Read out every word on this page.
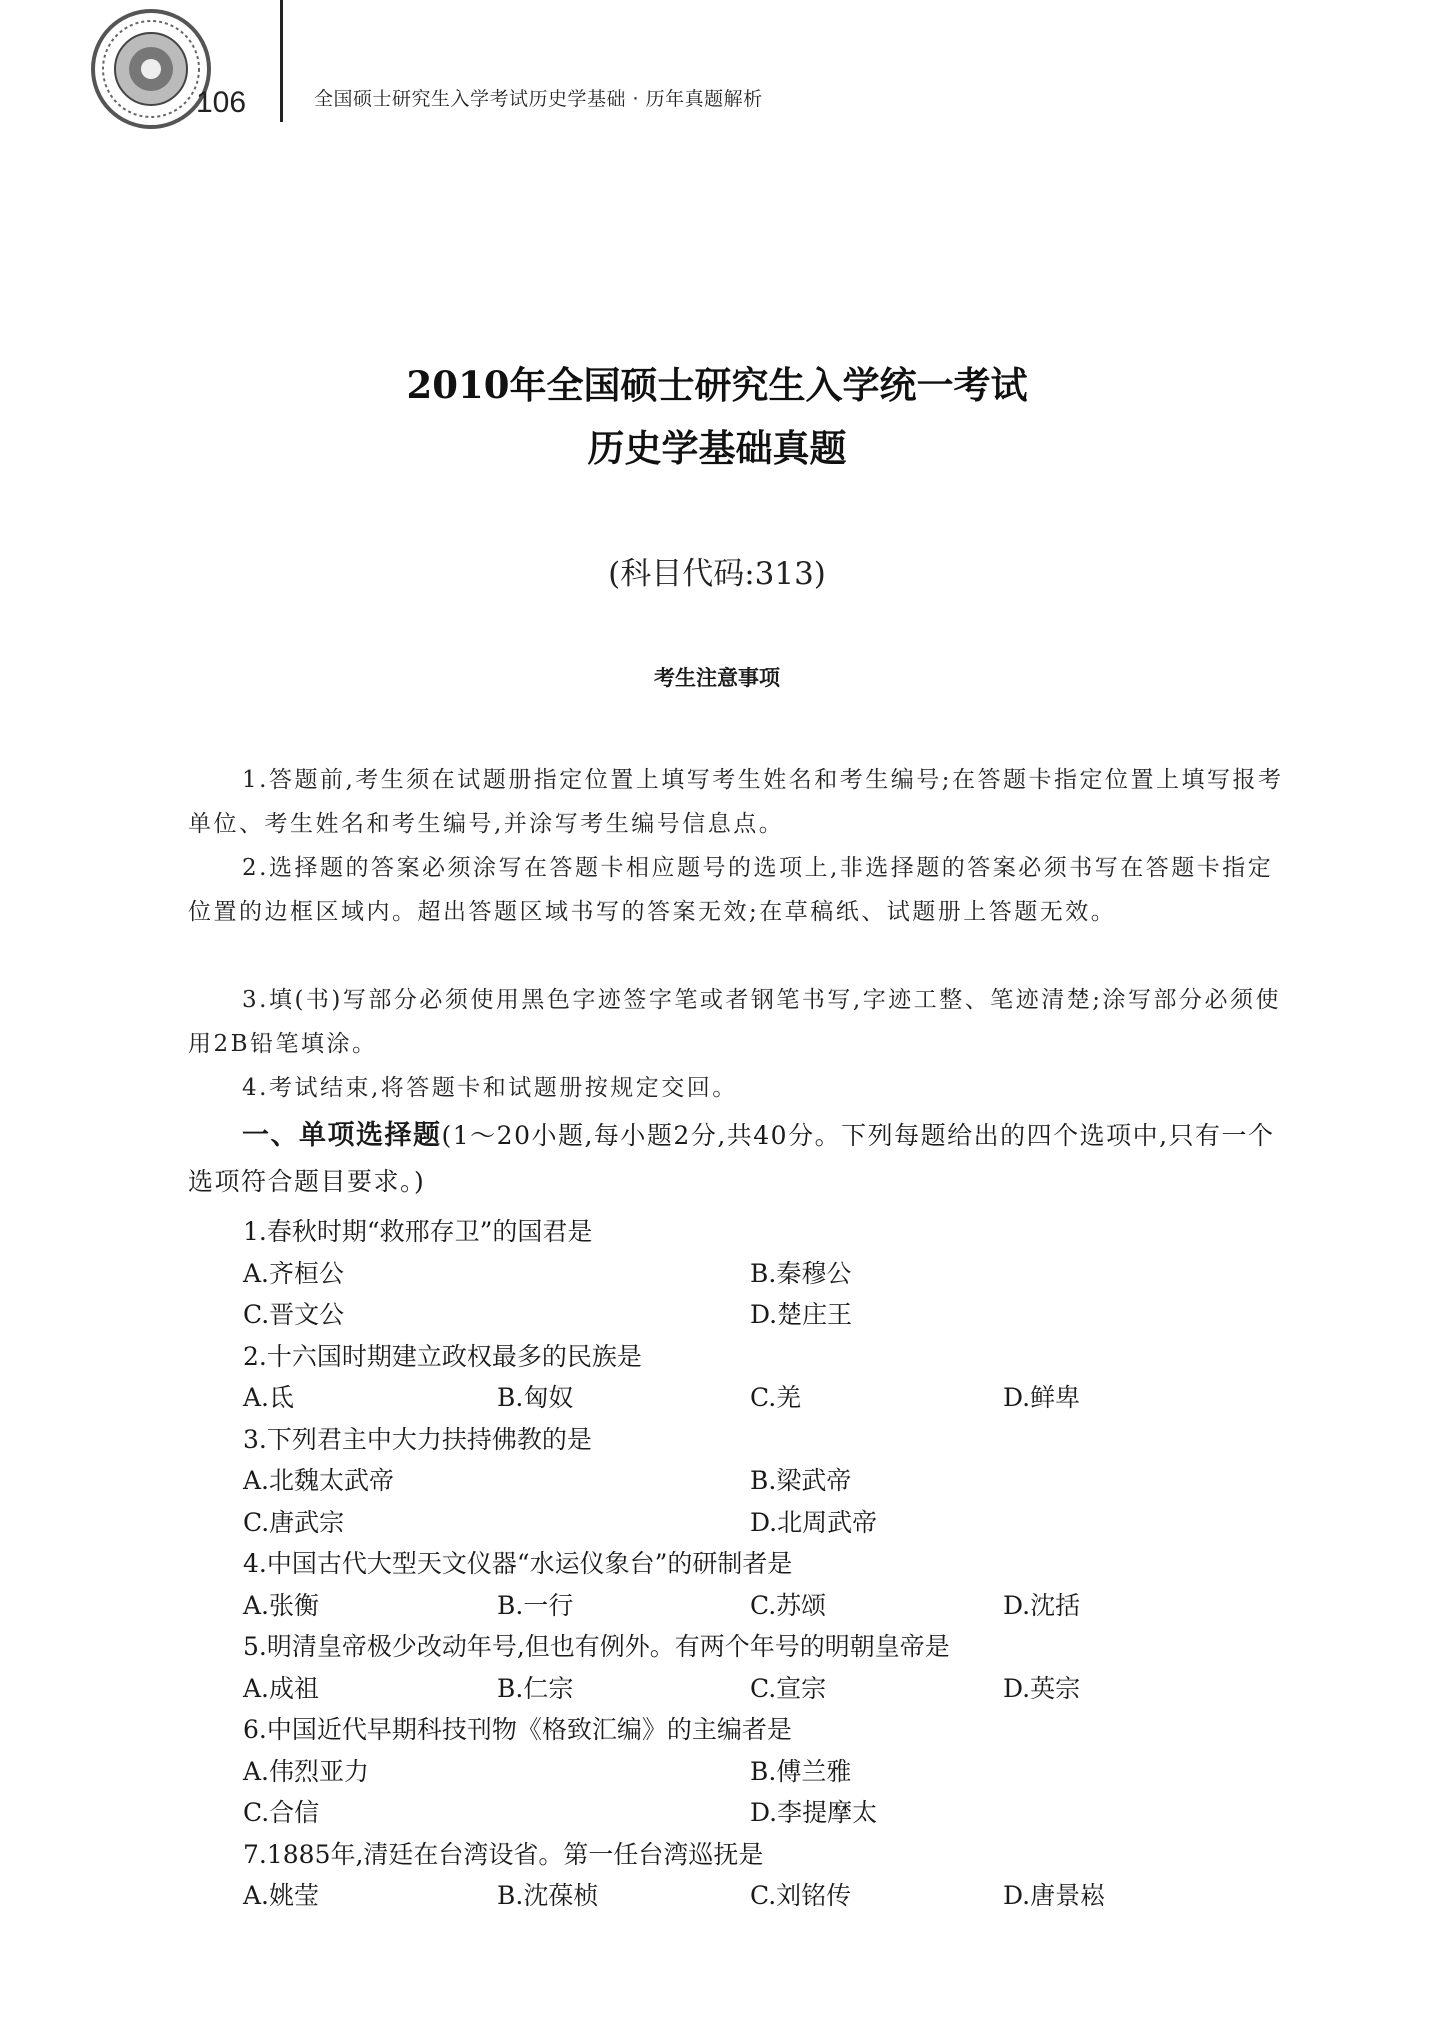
106	全国硕士研究生入学考试历史学基础 · 历年真题解析
2010年全国硕士研究生入学统一考试
历史学基础真题
(科目代码:313)
考生注意事项

1.答题前,考生须在试题册指定位置上填写考生姓名和考生编号;在答题卡指定位置上填写报考单位、考生姓名和考生编号,并涂写考生编号信息点。

2.选择题的答案必须涂写在答题卡相应题号的选项上,非选择题的答案必须书写在答题卡指定位置的边框区域内。超出答题区域书写的答案无效;在草稿纸、试题册上答题无效。

3.填(书)写部分必须使用黑色字迹签字笔或者钢笔书写,字迹工整、笔迹清楚;涂写部分必须使用2B铅笔填涂。

4.考试结束,将答题卡和试题册按规定交回。

一、单项选择题(1～20小题,每小题2分,共40分。下列每题给出的四个选项中,只有一个选项符合题目要求。)

1.春秋时期“救邢存卫”的国君是
A.齐桓公	B.秦穆公
C.晋文公	D.楚庄王
2.十六国时期建立政权最多的民族是
A.氐	B.匈奴	C.羌	D.鲜卑
3.下列君主中大力扶持佛教的是
A.北魏太武帝	B.梁武帝
C.唐武宗	D.北周武帝
4.中国古代大型天文仪器“水运仪象台”的研制者是
A.张衡	B.一行	C.苏颂	D.沈括
5.明清皇帝极少改动年号,但也有例外。有两个年号的明朝皇帝是
A.成祖	B.仁宗	C.宣宗	D.英宗
6.中国近代早期科技刊物《格致汇编》的主编者是
A.伟烈亚力	B.傅兰雅
C.合信	D.李提摩太
7.1885年,清廷在台湾设省。第一任台湾巡抚是
A.姚莹	B.沈葆桢	C.刘铭传	D.唐景崧
